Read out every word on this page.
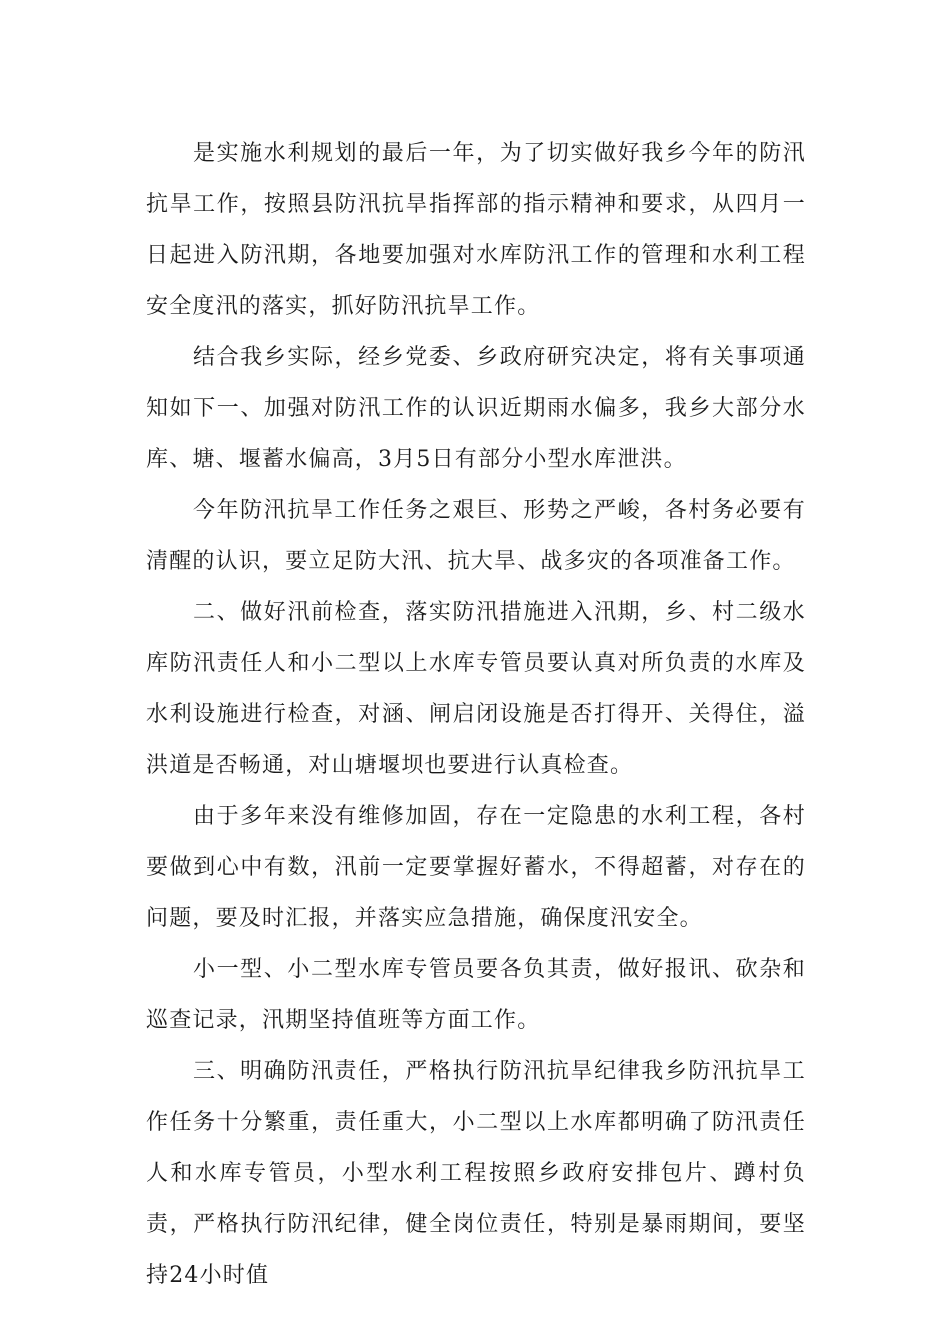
是实施水利规划的最后一年，为了切实做好我乡今年的防汛抗旱工作，按照县防汛抗旱指挥部的指示精神和要求，从四月一日起进入防汛期，各地要加强对水库防汛工作的管理和水利工程安全度汛的落实，抓好防汛抗旱工作。

结合我乡实际，经乡党委、乡政府研究决定，将有关事项通知如下一、加强对防汛工作的认识近期雨水偏多，我乡大部分水库、塘、堰蓄水偏高，3月5日有部分小型水库泄洪。

今年防汛抗旱工作任务之艰巨、形势之严峻，各村务必要有清醒的认识，要立足防大汛、抗大旱、战多灾的各项准备工作。

二、做好汛前检查，落实防汛措施进入汛期，乡、村二级水库防汛责任人和小二型以上水库专管员要认真对所负责的水库及水利设施进行检查，对涵、闸启闭设施是否打得开、关得住，溢洪道是否畅通，对山塘堰坝也要进行认真检查。

由于多年来没有维修加固，存在一定隐患的水利工程，各村要做到心中有数，汛前一定要掌握好蓄水，不得超蓄，对存在的问题，要及时汇报，并落实应急措施，确保度汛安全。

小一型、小二型水库专管员要各负其责，做好报讯、砍杂和巡查记录，汛期坚持值班等方面工作。

三、明确防汛责任，严格执行防汛抗旱纪律我乡防汛抗旱工作任务十分繁重，责任重大，小二型以上水库都明确了防汛责任人和水库专管员，小型水利工程按照乡政府安排包片、蹲村负责，严格执行防汛纪律，健全岗位责任，特别是暴雨期间，要坚持24小时值
